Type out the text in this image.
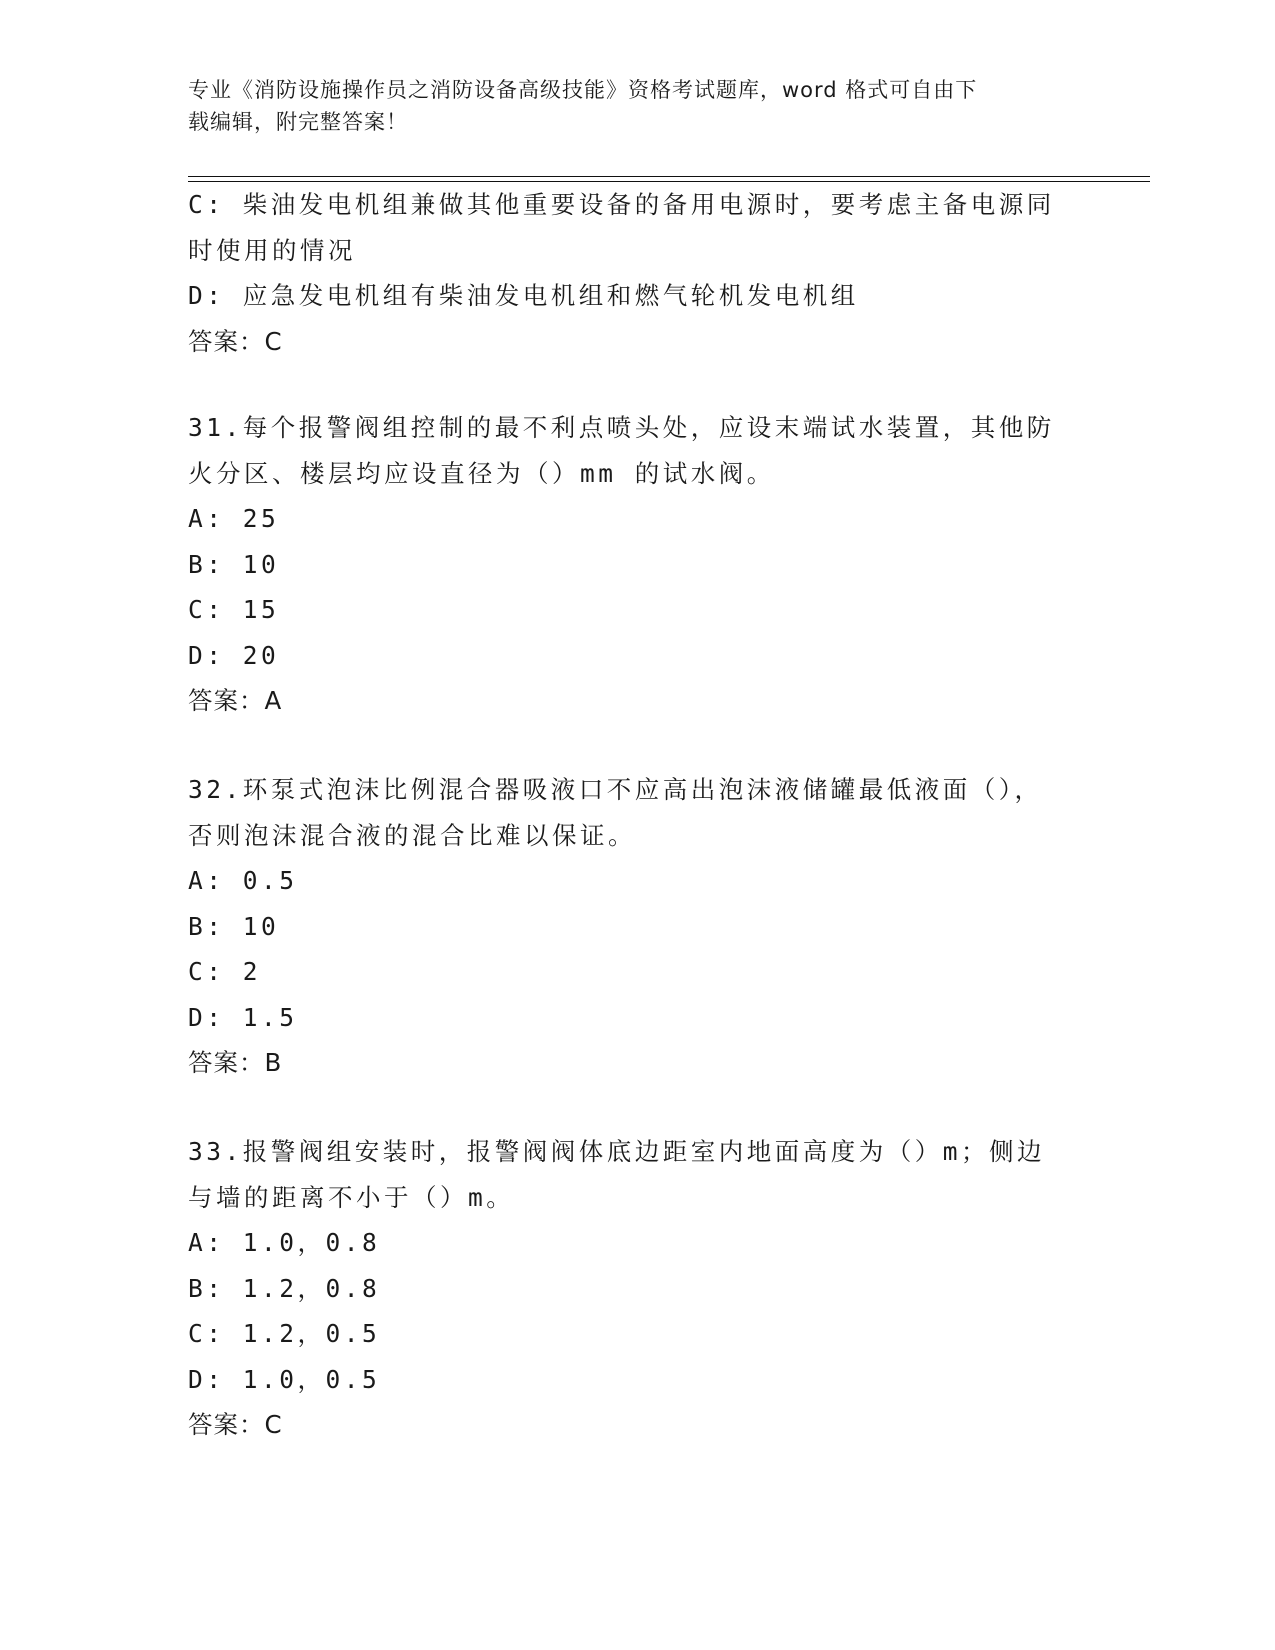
专业《消防设施操作员之消防设备高级技能》资格考试题库，word 格式可自由下
载编辑，附完整答案！
C: 柴油发电机组兼做其他重要设备的备用电源时，要考虑主备电源同
时使用的情况
D: 应急发电机组有柴油发电机组和燃气轮机发电机组
答案：C
31.每个报警阀组控制的最不利点喷头处，应设末端试水装置，其他防
火分区、楼层均应设直径为（）mm 的试水阀。
A: 25
B: 10
C: 15
D: 20
答案：A
32.环泵式泡沫比例混合器吸液口不应高出泡沫液储罐最低液面（），
否则泡沫混合液的混合比难以保证。
A: 0.5
B: 10
C: 2
D: 1.5
答案：B
33.报警阀组安装时，报警阀阀体底边距室内地面高度为（）m；侧边
与墙的距离不小于（）m。
A: 1.0，0.8
B: 1.2，0.8
C: 1.2，0.5
D: 1.0，0.5
答案：C
